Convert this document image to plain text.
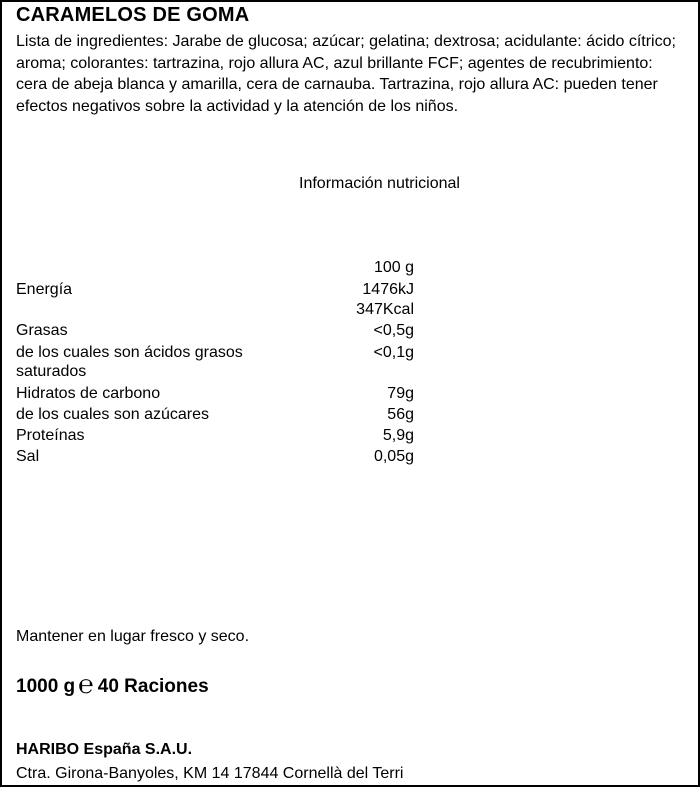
CARAMELOS DE GOMA
Lista de ingredientes: Jarabe de glucosa; azúcar; gelatina; dextrosa; acidulante: ácido cítrico; aroma; colorantes: tartrazina, rojo allura AC, azul brillante FCF; agentes de recubrimiento: cera de abeja blanca y amarilla, cera de carnauba. Tartrazina, rojo allura AC: pueden tener efectos negativos sobre la actividad y la atención de los niños.
Información nutricional
100 g
Energía	1476kJ
347Kcal
Grasas	<0,5g
de los cuales son ácidos grasos	<0,1g
saturados
Hidratos de carbono	79g
de los cuales son azúcares	56g
Proteínas	5,9g
Sal	0,05g
Mantener en lugar fresco y seco.
1000 g ℮ 40 Raciones
HARIBO España S.A.U.
Ctra. Girona-Banyoles, KM 14 17844 Cornellà del Terri
